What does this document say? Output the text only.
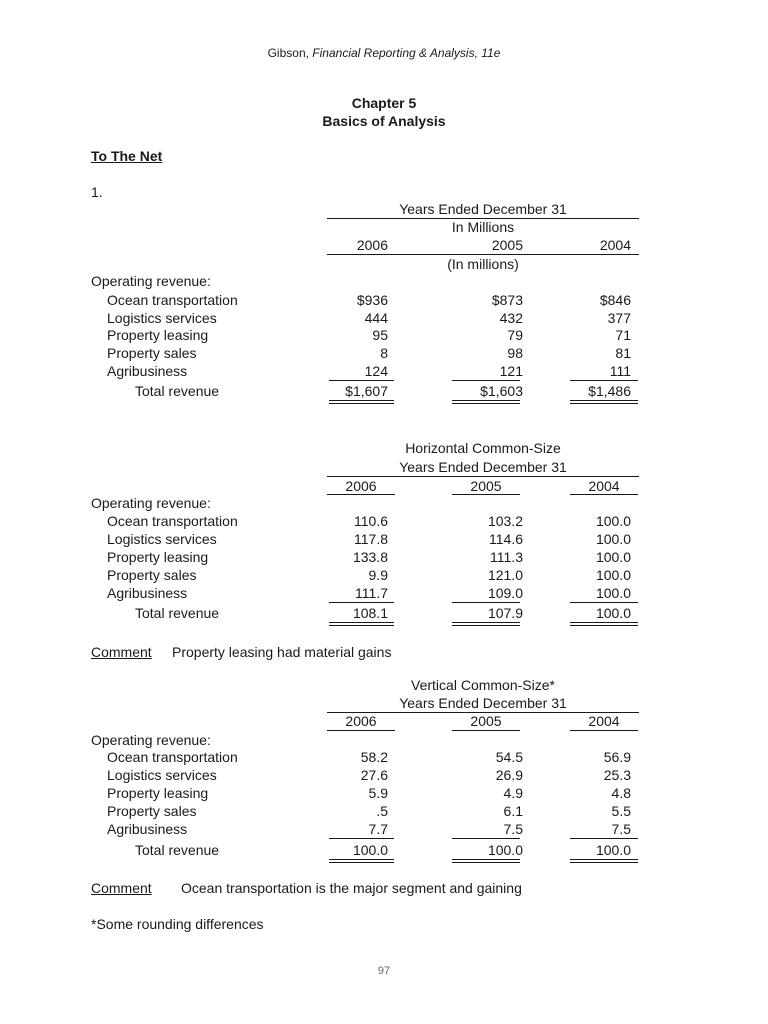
Gibson, Financial Reporting & Analysis, 11e
Chapter 5
Basics of Analysis
To The Net
1.
Years Ended December 31
In Millions
2006	2005	2004
(In millions)
Operating revenue:
Ocean transportation	$936	$873	$846
Logistics services	444	432	377
Property leasing	95	79	71
Property sales	8	98	81
Agribusiness	124	121	111
Total revenue	$1,607	$1,603	$1,486
Horizontal Common-Size
Years Ended December 31
2006	2005	2004
Operating revenue:
Ocean transportation	110.6	103.2	100.0
Logistics services	117.8	114.6	100.0
Property leasing	133.8	111.3	100.0
Property sales	9.9	121.0	100.0
Agribusiness	111.7	109.0	100.0
Total revenue	108.1	107.9	100.0
Comment Property leasing had material gains
Vertical Common-Size*
Years Ended December 31
2006	2005	2004
Operating revenue:
Ocean transportation	58.2	54.5	56.9
Logistics services	27.6	26.9	25.3
Property leasing	5.9	4.9	4.8
Property sales	.5	6.1	5.5
Agribusiness	7.7	7.5	7.5
Total revenue	100.0	100.0	100.0
Comment Ocean transportation is the major segment and gaining
*Some rounding differences
97
